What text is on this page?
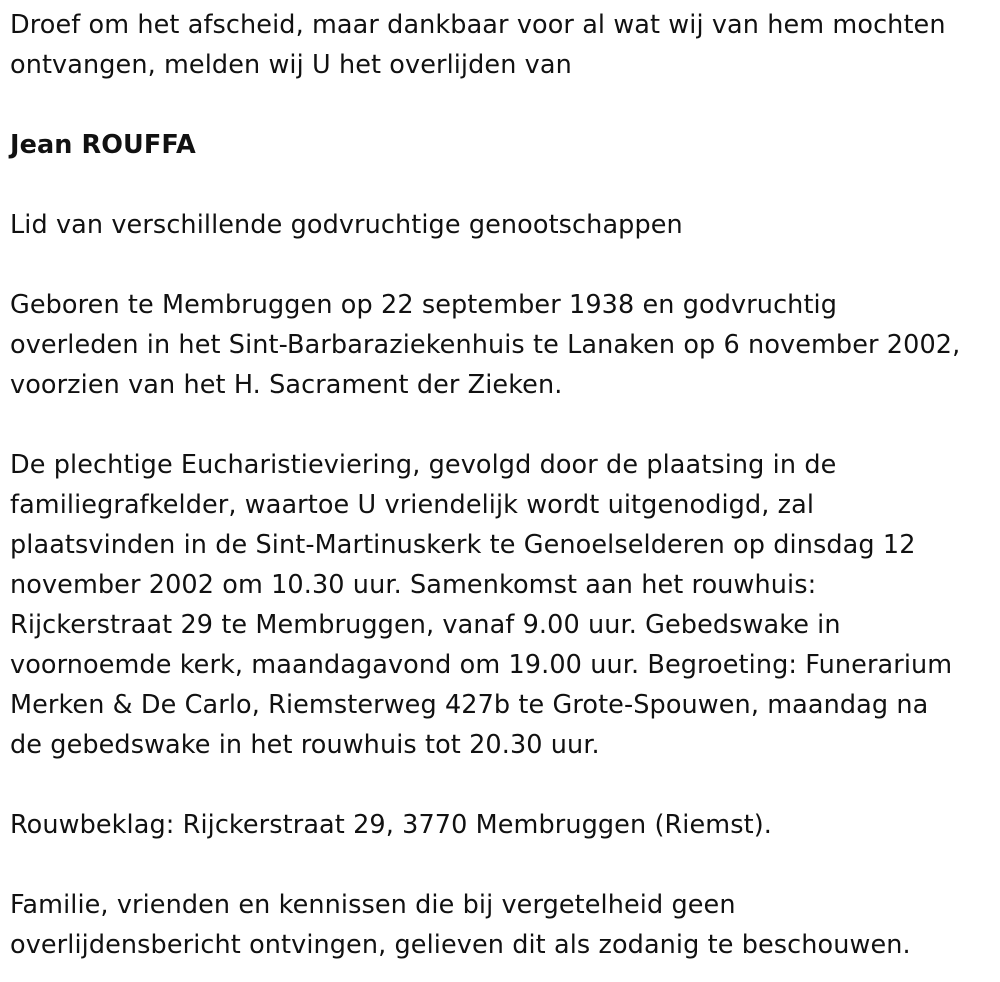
Droef om het afscheid, maar dankbaar voor al wat wij van hem mochten
ontvangen, melden wij U het overlijden van

Jean ROUFFA

Lid van verschillende godvruchtige genootschappen

Geboren te Membruggen op 22 september 1938 en godvruchtig
overleden in het Sint-Barbaraziekenhuis te Lanaken op 6 november 2002,
voorzien van het H. Sacrament der Zieken.

De plechtige Eucharistieviering, gevolgd door de plaatsing in de
familiegrafkelder, waartoe U vriendelijk wordt uitgenodigd, zal
plaatsvinden in de Sint-Martinuskerk te Genoelselderen op dinsdag 12
november 2002 om 10.30 uur. Samenkomst aan het rouwhuis:
Rijckerstraat 29 te Membruggen, vanaf 9.00 uur. Gebedswake in
voornoemde kerk, maandagavond om 19.00 uur. Begroeting: Funerarium
Merken & De Carlo, Riemsterweg 427b te Grote-Spouwen, maandag na
de gebedswake in het rouwhuis tot 20.30 uur.

Rouwbeklag: Rijckerstraat 29, 3770 Membruggen (Riemst).

Familie, vrienden en kennissen die bij vergetelheid geen
overlijdensbericht ontvingen, gelieven dit als zodanig te beschouwen.
